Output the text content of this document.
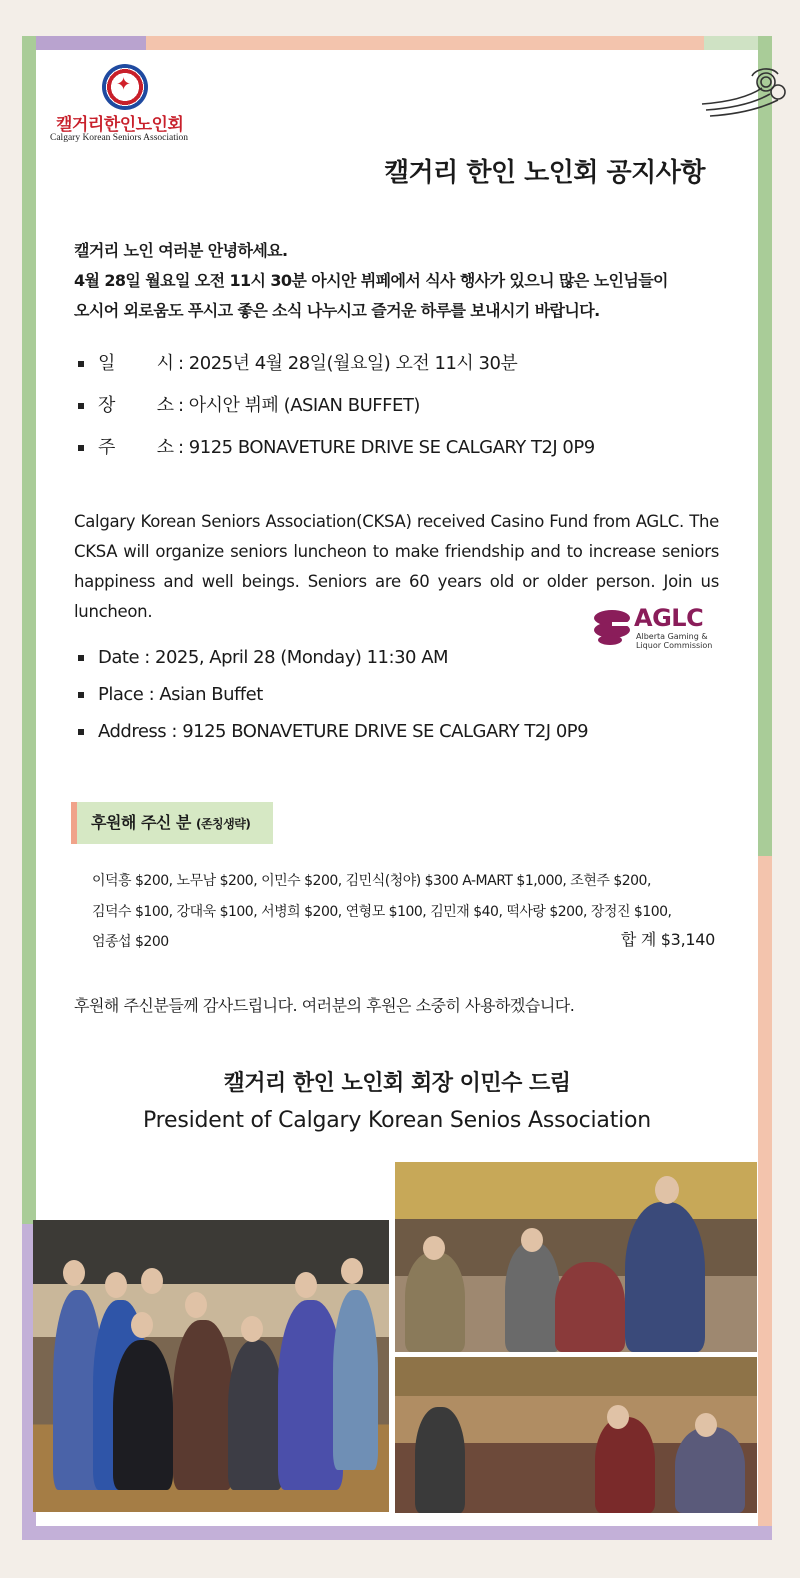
✦
캘거리한인노인회
Calgary Korean Seniors Association
캘거리 한인 노인회 공지사항
캘거리 노인 여러분 안녕하세요.
4월 28일 월요일 오전 11시 30분 아시안 뷔페에서 식사 행사가 있으니 많은 노인님들이
오시어 외로움도 푸시고 좋은 소식 나누시고 즐거운 하루를 보내시기 바랍니다.
일        시 : 2025년 4월 28일(월요일) 오전 11시 30분
장        소 : 아시안 뷔페 (ASIAN BUFFET)
주        소 : 9125 BONAVETURE DRIVE SE CALGARY T2J 0P9
Calgary Korean Seniors Association(CKSA) received Casino Fund from AGLC. The CKSA will organize seniors luncheon to make friendship and to increase seniors happiness and well beings. Seniors are 60 years old or older person. Join us luncheon.	AGLC
Alberta Gaming & Liquor Commission
Date : 2025, April 28 (Monday) 11:30 AM
Place : Asian Buffet
Address : 9125 BONAVETURE DRIVE SE CALGARY T2J 0P9
후원해 주신 분 (존칭생략)
이덕흥 $200, 노무남 $200, 이민수 $200, 김민식(청야) $300 A-MART $1,000, 조현주 $200,
김덕수 $100, 강대욱 $100, 서병희 $200, 연형모 $100, 김민재 $40, 떡사랑 $200, 장정진 $100,
엄종섭 $200	합 계 $3,140
후원해 주신분들께 감사드립니다. 여러분의 후원은 소중히 사용하겠습니다.
캘거리 한인 노인회 회장 이민수 드림
President of Calgary Korean Senios Association
